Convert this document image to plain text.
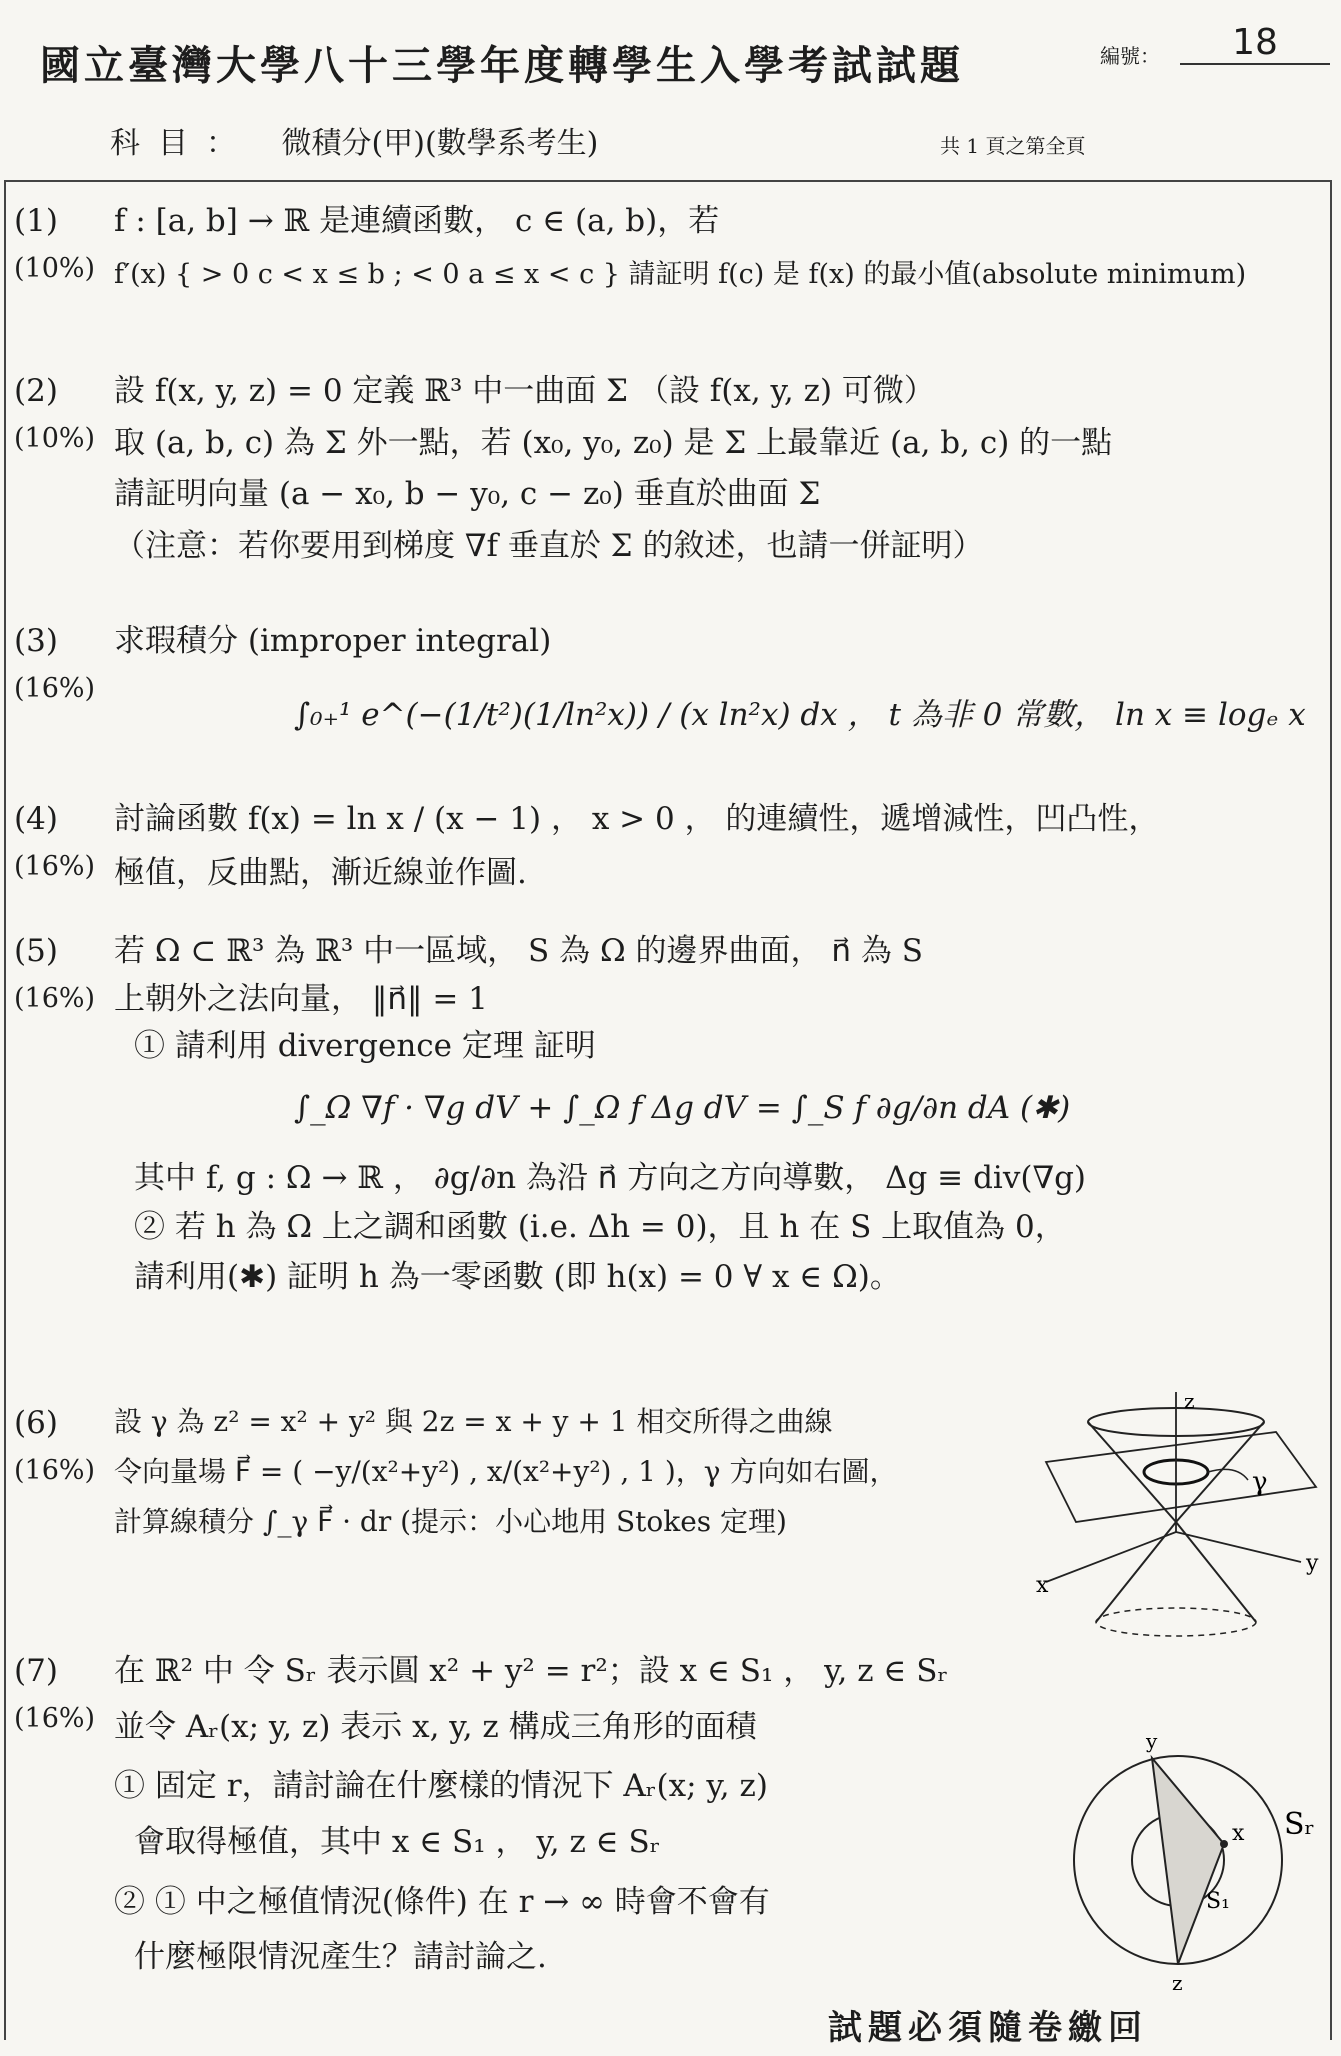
國立臺灣大學八十三學年度轉學生入學考試試題	編號：	18
科目： 微積分(甲)(數學系考生)	共 1 頁之第全頁
(1)
(10%)
f : [a, b] → ℝ 是連續函數， c ∈ (a, b)，若
f′(x) { > 0 c < x ≤ b ; < 0 a ≤ x < c } 請証明 f(c) 是 f(x) 的最小值(absolute minimum)
(2)
(10%)
設 f(x, y, z) = 0 定義 ℝ³ 中一曲面 Σ （設 f(x, y, z) 可微）
取 (a, b, c) 為 Σ 外一點，若 (x₀, y₀, z₀) 是 Σ 上最靠近 (a, b, c) 的一點
請証明向量 (a − x₀, b − y₀, c − z₀) 垂直於曲面 Σ
（注意：若你要用到梯度 ∇f 垂直於 Σ 的敘述，也請一併証明）
(3)
(16%)
求瑕積分 (improper integral)
∫₀₊¹ e^(−(1/t²)(1/ln²x)) / (x ln²x) dx ， t 為非 0 常數， ln x ≡ logₑ x
(4)
(16%)
討論函數 f(x) = ln x / (x − 1) ， x > 0 ， 的連續性，遞增減性，凹凸性，
極值，反曲點，漸近線並作圖.
(5)
(16%)
若 Ω ⊂ ℝ³ 為 ℝ³ 中一區域， S 為 Ω 的邊界曲面， n⃗ 為 S
上朝外之法向量， ‖n⃗‖ = 1
① 請利用 divergence 定理 証明
∫_Ω ∇f · ∇g dV + ∫_Ω f Δg dV = ∫_S f ∂g/∂n dA (✱)
其中 f, g : Ω → ℝ ， ∂g/∂n 為沿 n⃗ 方向之方向導數， Δg ≡ div(∇g)
② 若 h 為 Ω 上之調和函數 (i.e. Δh = 0)，且 h 在 S 上取值為 0，
請利用(✱) 証明 h 為一零函數 (即 h(x) = 0 ∀ x ∈ Ω)。
(6)
(16%)
設 γ 為 z² = x² + y² 與 2z = x + y + 1 相交所得之曲線
令向量場 F⃗ = ( −y/(x²+y²) , x/(x²+y²) , 1 )，γ 方向如右圖，
計算線積分 ∫_γ F⃗ · dr (提示：小心地用 Stokes 定理)
z
γ
x
y
(7)
(16%)
在 ℝ² 中 令 Sᵣ 表示圓 x² + y² = r²；設 x ∈ S₁ ， y, z ∈ Sᵣ
並令 Aᵣ(x; y, z) 表示 x, y, z 構成三角形的面積
① 固定 r，請討論在什麼樣的情況下 Aᵣ(x; y, z)
會取得極值，其中 x ∈ S₁ ， y, z ∈ Sᵣ
② ① 中之極值情況(條件) 在 r → ∞ 時會不會有
什麼極限情況產生？請討論之.
y
x Sᵣ
S₁
z
試題必須隨卷繳回
